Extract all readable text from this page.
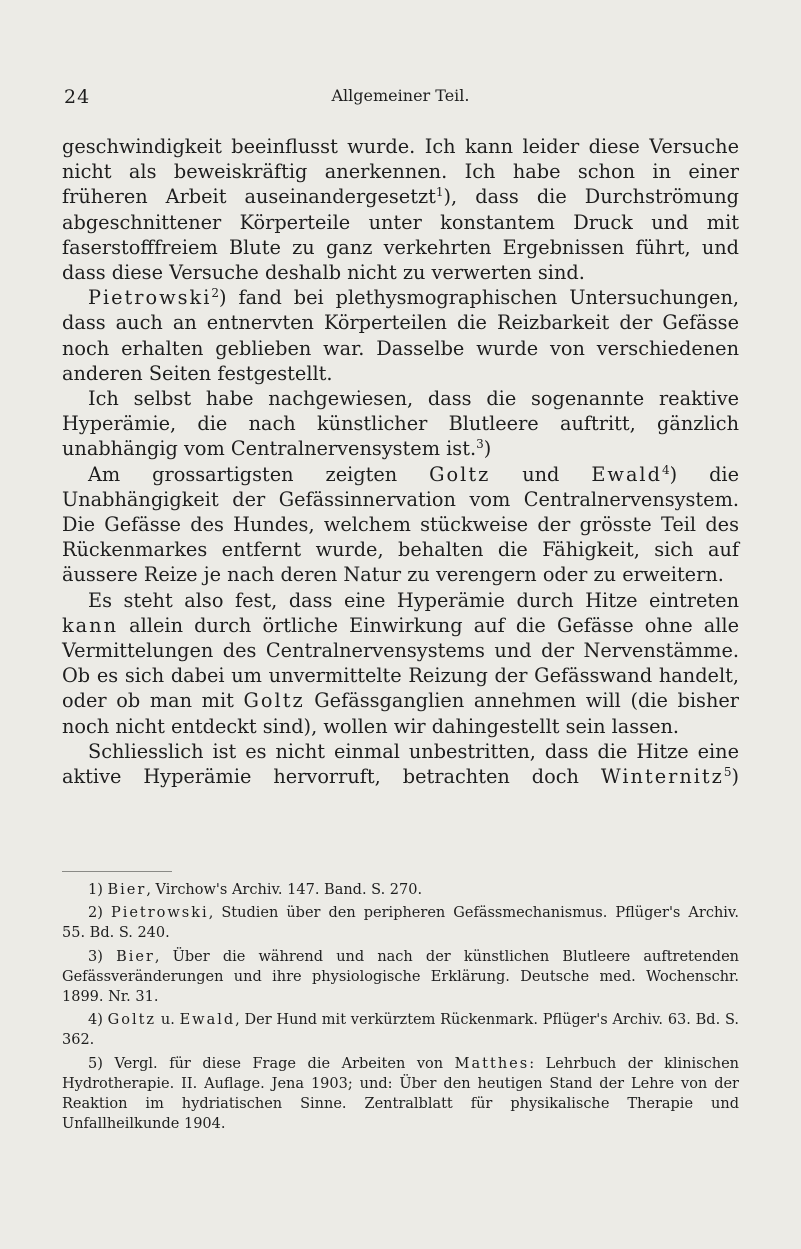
24	Allgemeiner Teil.

geschwindigkeit beeinflusst wurde. Ich kann leider diese Versuche nicht als beweiskräftig anerkennen. Ich habe schon in einer früheren Arbeit auseinandergesetzt$^1$), dass die Durchströmung abgeschnittener Körperteile unter konstantem Druck und mit faserstofffreiem Blute zu ganz verkehrten Ergebnissen führt, und dass diese Versuche deshalb nicht zu verwerten sind.

Pietrowski$^2$) fand bei plethysmographischen Untersuchungen, dass auch an entnervten Körperteilen die Reizbarkeit der Gefässe noch erhalten geblieben war. Dasselbe wurde von verschiedenen anderen Seiten festgestellt.

Ich selbst habe nachgewiesen, dass die sogenannte reaktive Hyperämie, die nach künstlicher Blutleere auftritt, gänzlich unabhängig vom Centralnervensystem ist.$^3$)

Am grossartigsten zeigten Goltz und Ewald$^4$) die Unabhängigkeit der Gefässinnervation vom Centralnervensystem. Die Gefässe des Hundes, welchem stückweise der grösste Teil des Rückenmarkes entfernt wurde, behalten die Fähigkeit, sich auf äussere Reize je nach deren Natur zu verengern oder zu erweitern.

Es steht also fest, dass eine Hyperämie durch Hitze eintreten kann allein durch örtliche Einwirkung auf die Gefässe ohne alle Vermittelungen des Centralnervensystems und der Nervenstämme. Ob es sich dabei um unvermittelte Reizung der Gefässwand handelt, oder ob man mit Goltz Gefässganglien annehmen will (die bisher noch nicht entdeckt sind), wollen wir dahingestellt sein lassen.

Schliesslich ist es nicht einmal unbestritten, dass die Hitze eine aktive Hyperämie hervorruft, betrachten doch Winternitz$^5$)

1) Bier, Virchow's Archiv. 147. Band. S. 270.

2) Pietrowski, Studien über den peripheren Gefässmechanismus. Pflüger's Archiv. 55. Bd. S. 240.

3) Bier, Über die während und nach der künstlichen Blutleere auftretenden Gefässveränderungen und ihre physiologische Erklärung. Deutsche med. Wochenschr. 1899. Nr. 31.

4) Goltz u. Ewald, Der Hund mit verkürztem Rückenmark. Pflüger's Archiv. 63. Bd. S. 362.

5) Vergl. für diese Frage die Arbeiten von Matthes: Lehrbuch der klinischen Hydrotherapie. II. Auflage. Jena 1903; und: Über den heutigen Stand der Lehre von der Reaktion im hydriatischen Sinne. Zentralblatt für physikalische Therapie und Unfallheilkunde 1904.
